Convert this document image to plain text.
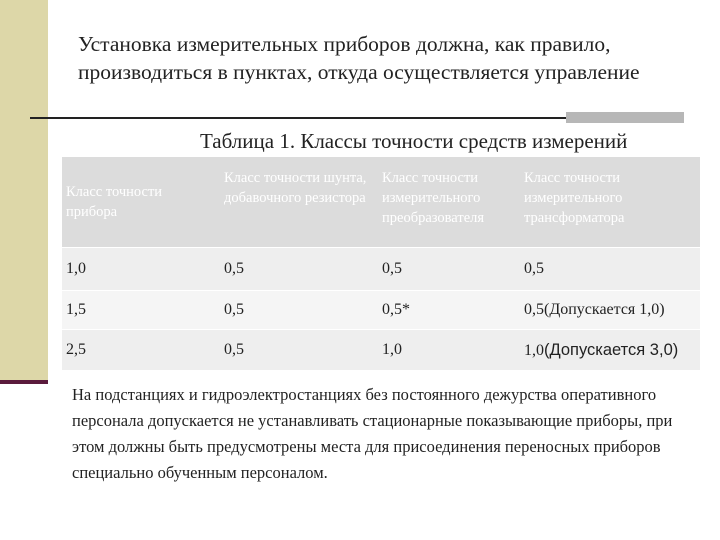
Установка измерительных приборов должна, как правило, производиться в пунктах, откуда осуществляется управление
Таблица 1. Классы точности средств измерений
Класс точности прибора	Класс точности шунта, добавочного резистора	Класс точности измерительного преобразователя	Класс точности измерительного трансформатора
1,0	0,5	0,5	0,5
1,5	0,5	0,5*	0,5(Допускается 1,0)
2,5	0,5	1,0	1,0(Допускается 3,0)

На подстанциях и гидроэлектростанциях без постоянного дежурства оперативного персонала допускается не устанавливать стационарные показывающие приборы, при этом должны быть предусмотрены места для присоединения переносных приборов специально обученным персоналом.
